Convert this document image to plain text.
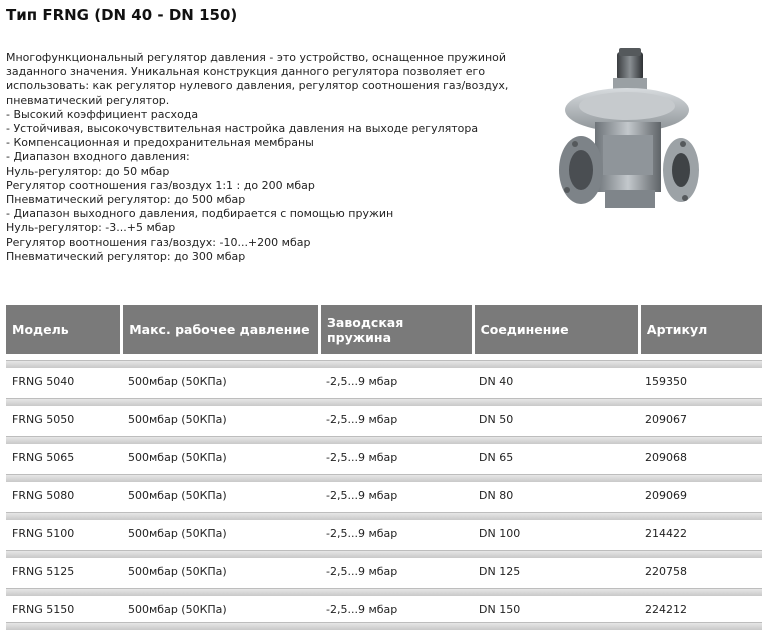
Тип FRNG (DN 40 - DN 150)
Многофункциональный регулятор давления - это устройство, оснащенное пружиной
заданного значения. Уникальная конструкция данного регулятора позволяет его
использовать: как регулятор нулевого давления, регулятор соотношения газ/воздух,
пневматический регулятор.
- Высокий коэффициент расхода
- Устойчивая, высокочувствительная настройка давления на выходе регулятора
- Компенсационная и предохранительная мембраны
- Диапазон входного давления:
Нуль-регулятор: до 50 мбар
Регулятор соотношения газ/воздух 1:1 : до 200 мбар
Пневматический регулятор: до 500 мбар
- Диапазон выходного давления, подбирается с помощью пружин
Нуль-регулятор: -3...+5 мбар
Регулятор воотношения газ/воздух: -10...+200 мбар
Пневматический регулятор: до 300 мбар
Модель	Макс. рабочее давление	Заводская пружина	Соединение	Артикул
FRNG 5040	500мбар (50КПа)	-2,5...9 мбар	DN 40	159350
FRNG 5050	500мбар (50КПа)	-2,5...9 мбар	DN 50	209067
FRNG 5065	500мбар (50КПа)	-2,5...9 мбар	DN 65	209068
FRNG 5080	500мбар (50КПа)	-2,5...9 мбар	DN 80	209069
FRNG 5100	500мбар (50КПа)	-2,5...9 мбар	DN 100	214422
FRNG 5125	500мбар (50КПа)	-2,5...9 мбар	DN 125	220758
FRNG 5150	500мбар (50КПа)	-2,5...9 мбар	DN 150	224212
